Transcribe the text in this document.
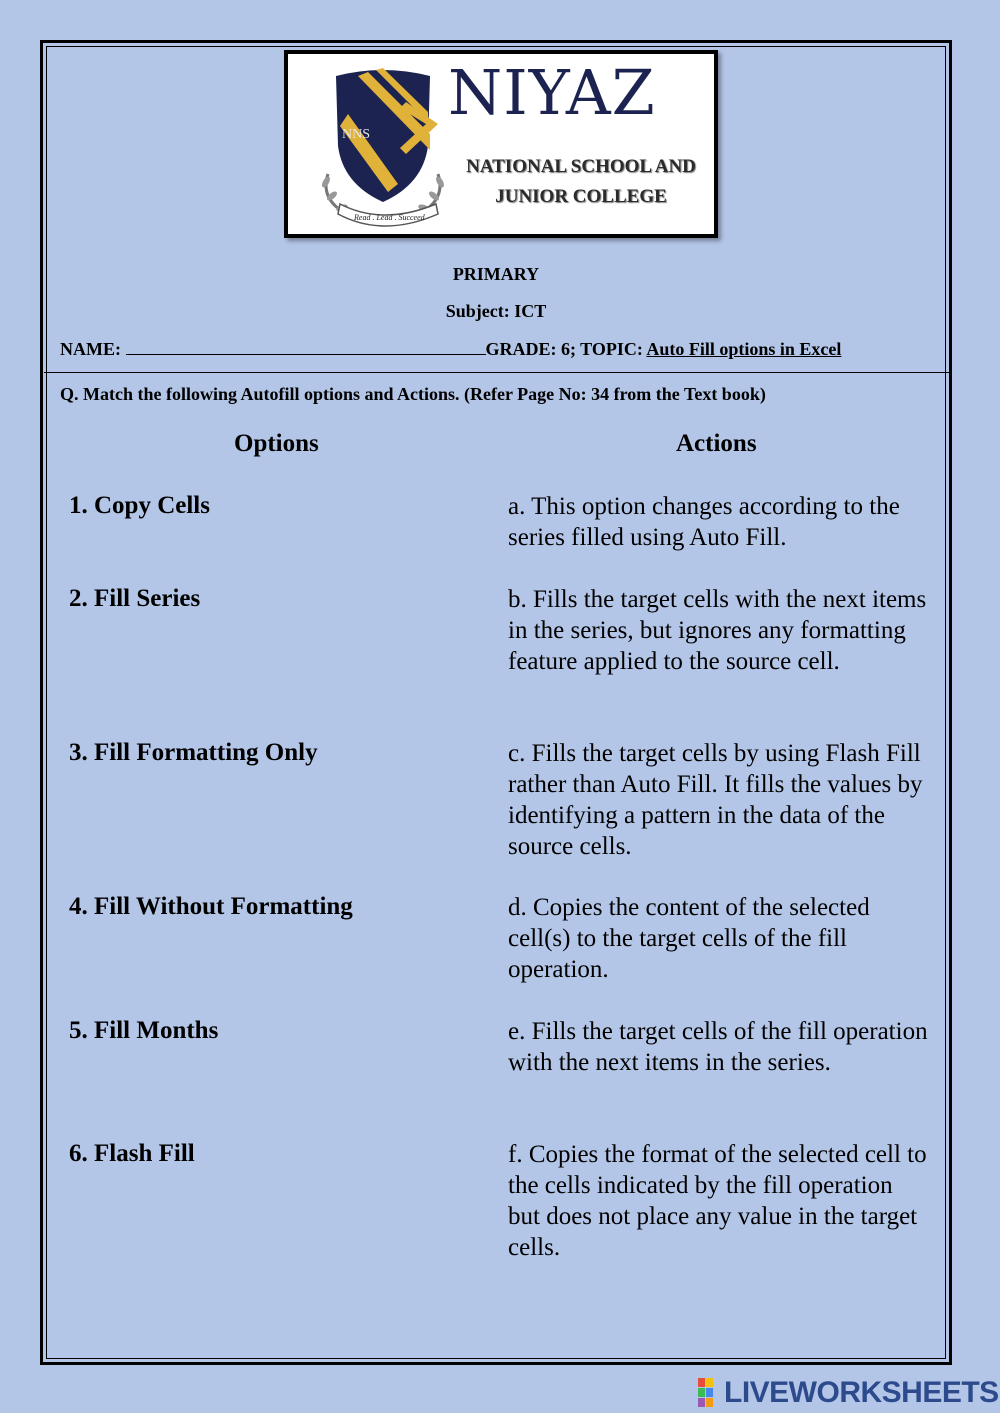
NNS
Read . Lead . Succeed
NIYAZ
NATIONAL SCHOOL AND
JUNIOR COLLEGE
PRIMARY
Subject: ICT
NAME:	GRADE: 6; TOPIC: Auto Fill options in Excel
Q. Match the following Autofill options and Actions. (Refer Page No: 34 from the Text book)
Options	Actions
1. Copy Cells
2. Fill Series
3. Fill Formatting Only
4. Fill Without Formatting
5. Fill Months
6. Flash Fill
a. This option changes according to the series filled using Auto Fill.
b. Fills the target cells with the next items in the series, but ignores any formatting feature applied to the source cell.
c. Fills the target cells by using Flash Fill rather than Auto Fill. It fills the values by identifying a pattern in the data of the source cells.
d. Copies the content of the selected cell(s) to the target cells of the fill operation.
e. Fills the target cells of the fill operation with the next items in the series.
f. Copies the format of the selected cell to the cells indicated by the fill operation but does not place any value in the target cells.
LIVEWORKSHEETS
